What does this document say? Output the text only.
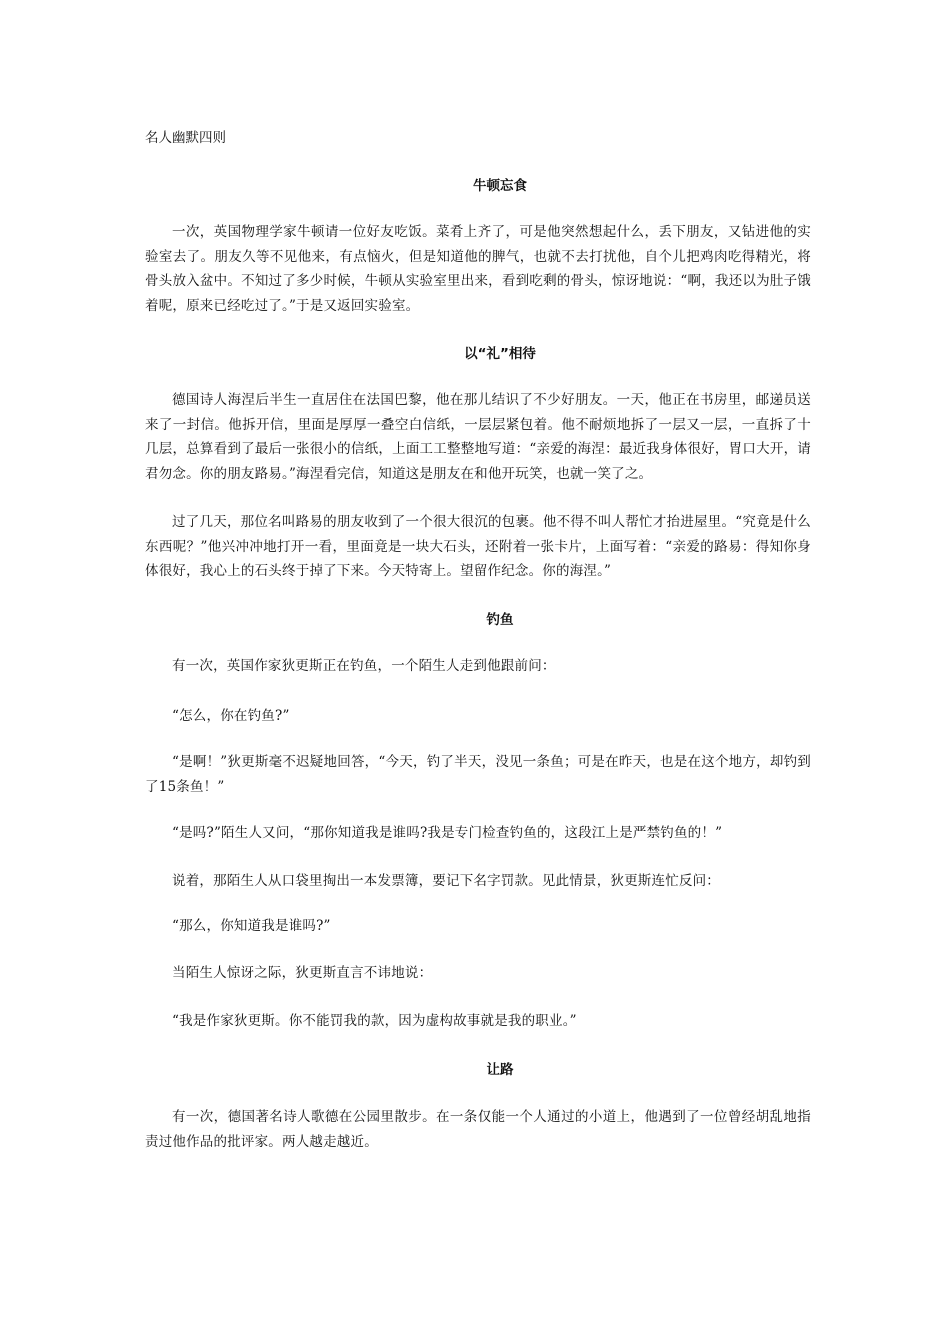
名人幽默四则

牛顿忘食

一次，英国物理学家牛顿请一位好友吃饭。菜肴上齐了，可是他突然想起什么，丢下朋友，又钻进他的实验室去了。朋友久等不见他来，有点恼火，但是知道他的脾气，也就不去打扰他，自个儿把鸡肉吃得精光，将骨头放入盆中。不知过了多少时候，牛顿从实验室里出来，看到吃剩的骨头，惊讶地说：“啊，我还以为肚子饿着呢，原来已经吃过了。”于是又返回实验室。

以“礼”相待

德国诗人海涅后半生一直居住在法国巴黎，他在那儿结识了不少好朋友。一天，他正在书房里，邮递员送来了一封信。他拆开信，里面是厚厚一叠空白信纸，一层层紧包着。他不耐烦地拆了一层又一层，一直拆了十几层，总算看到了最后一张很小的信纸，上面工工整整地写道：“亲爱的海涅：最近我身体很好，胃口大开，请君勿念。你的朋友路易。”海涅看完信，知道这是朋友在和他开玩笑，也就一笑了之。

过了几天，那位名叫路易的朋友收到了一个很大很沉的包裹。他不得不叫人帮忙才抬进屋里。“究竟是什么东西呢？”他兴冲冲地打开一看，里面竟是一块大石头，还附着一张卡片，上面写着：“亲爱的路易：得知你身体很好，我心上的石头终于掉了下来。今天特寄上。望留作纪念。你的海涅。”

钓鱼

有一次，英国作家狄更斯正在钓鱼，一个陌生人走到他跟前问：

“怎么，你在钓鱼?”

“是啊！”狄更斯毫不迟疑地回答，“今天，钓了半天，没见一条鱼；可是在昨天，也是在这个地方，却钓到了15条鱼！”

“是吗?”陌生人又问，“那你知道我是谁吗?我是专门检查钓鱼的，这段江上是严禁钓鱼的！”

说着，那陌生人从口袋里掏出一本发票簿，要记下名字罚款。见此情景，狄更斯连忙反问：

“那么，你知道我是谁吗?”

当陌生人惊讶之际，狄更斯直言不讳地说：

“我是作家狄更斯。你不能罚我的款，因为虚构故事就是我的职业。”

让路

有一次，德国著名诗人歌德在公园里散步。在一条仅能一个人通过的小道上，他遇到了一位曾经胡乱地指责过他作品的批评家。两人越走越近。
